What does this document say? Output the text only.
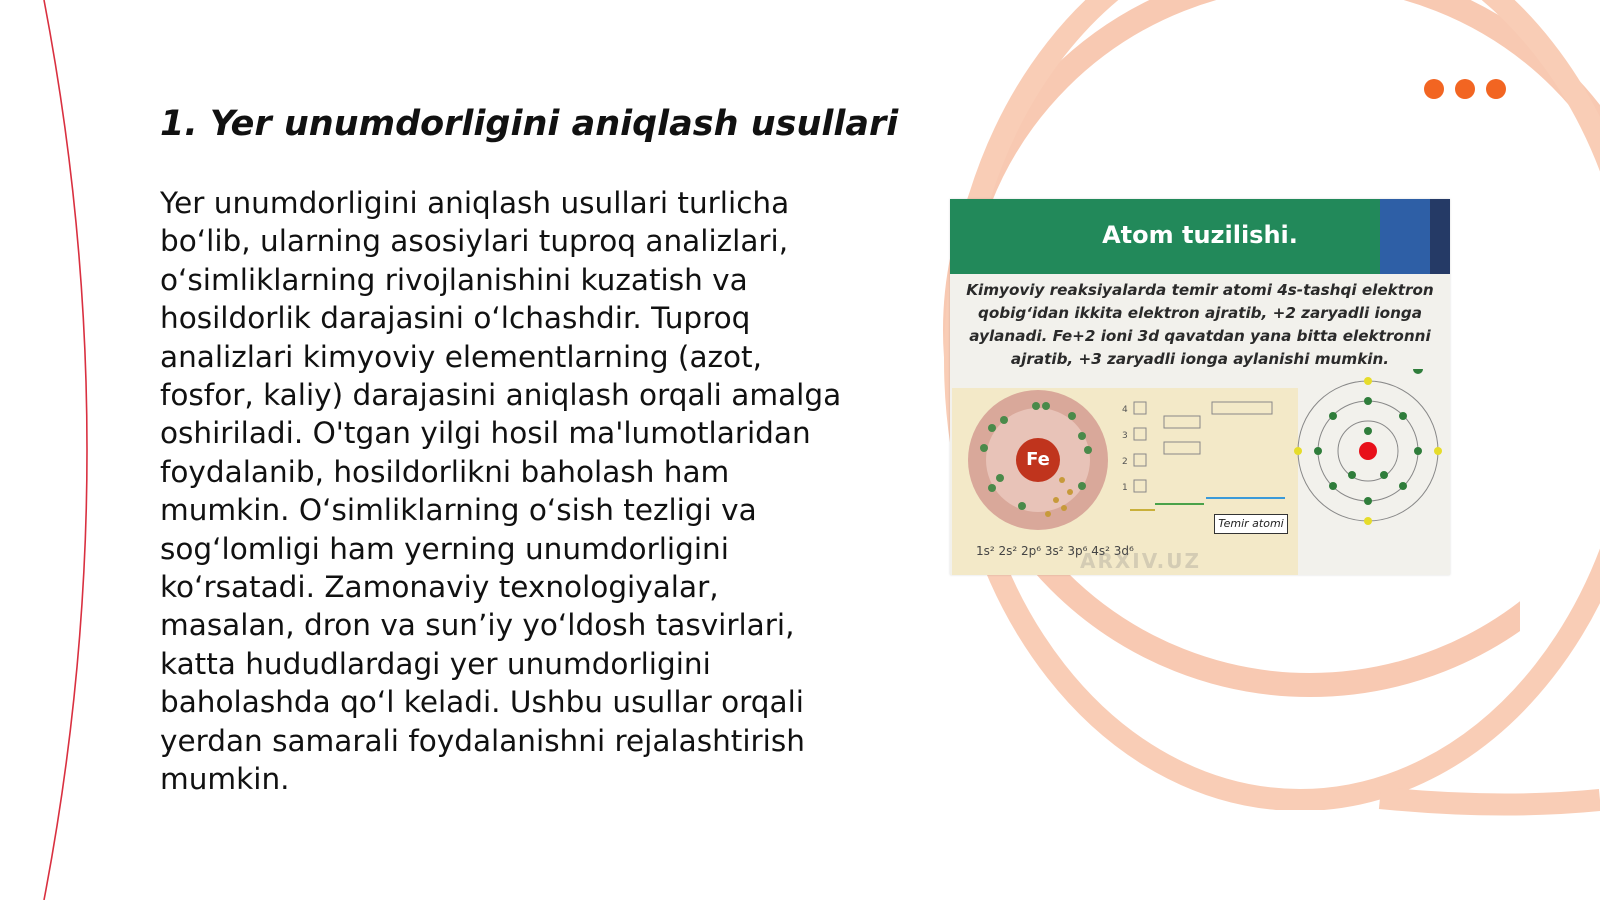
1. Yer unumdorligini aniqlash usullari

Yer unumdorligini aniqlash usullari turlicha bo‘lib, ularning asosiylari tuproq analizlari, o‘simliklarning rivojlanishini kuzatish va hosildorlik darajasini o‘lchashdir. Tuproq analizlari kimyoviy elementlarning (azot, fosfor, kaliy) darajasini aniqlash orqali amalga oshiriladi. O'tgan yilgi hosil ma'lumotlaridan foydalanib, hosildorlikni baholash ham mumkin. O‘simliklarning o‘sish tezligi va sog‘lomligi ham yerning unumdorligini ko‘rsatadi. Zamonaviy texnologiyalar, masalan, dron va sun’iy yo‘ldosh tasvirlari, katta hududlardagi yer unumdorligini baholashda qo‘l keladi. Ushbu usullar orqali yerdan samarali foydalanishni rejalashtirish mumkin.

Atom tuzilishi.
Kimyoviy reaksiyalarda temir atomi 4s-tashqi elektron qobig‘idan ikkita elektron ajratib, +2 zaryadli ionga aylanadi. Fe+2 ioni 3d qavatdan yana bitta elektronni ajratib, +3 zaryadli ionga aylanishi mumkin.
4
3
2
1
Temir atomi
1s² 2s² 2p⁶ 3s² 3p⁶ 4s² 3d⁶
Fe
ARXIV.UZ
